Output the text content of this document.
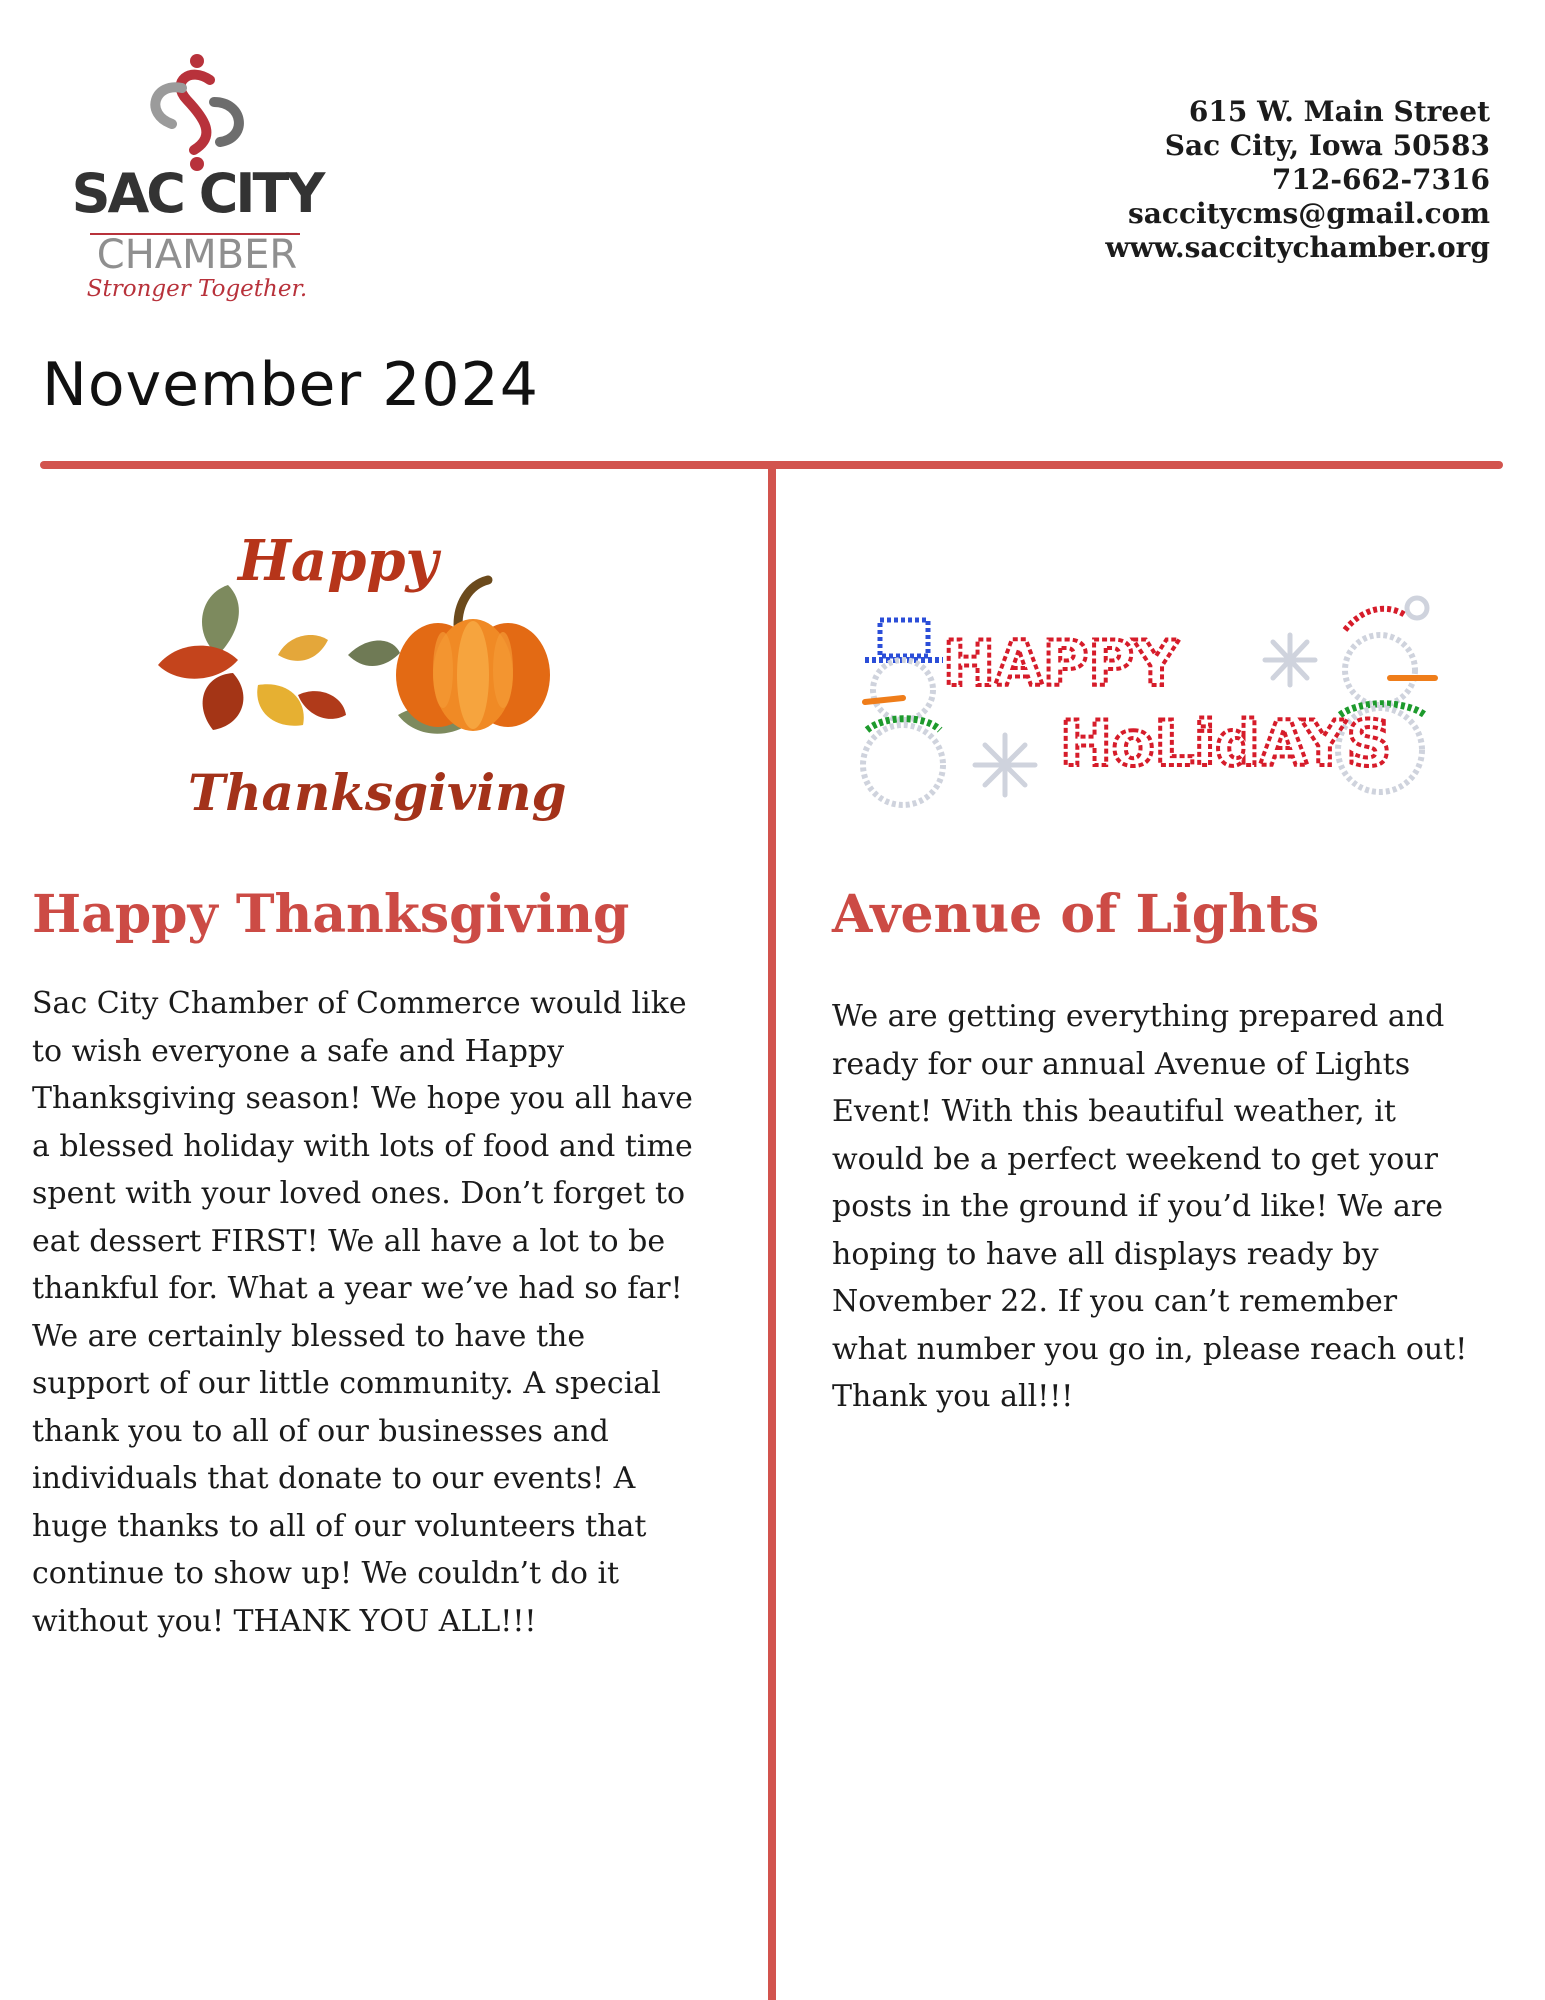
SAC CITY
CHAMBER
Stronger Together.
615 W. Main Street
Sac City, Iowa 50583
712-662-7316
saccitycms@gmail.com
www.saccitychamber.org
November 2024
Happy
Thanksgiving
HAPPY
HoLidAYS
Happy Thanksgiving
Sac City Chamber of Commerce would like
to wish everyone a safe and Happy
Thanksgiving season! We hope you all have
a blessed holiday with lots of food and time
spent with your loved ones. Don’t forget to
eat dessert FIRST! We all have a lot to be
thankful for. What a year we’ve had so far!
We are certainly blessed to have the
support of our little community. A special
thank you to all of our businesses and
individuals that donate to our events! A
huge thanks to all of our volunteers that
continue to show up! We couldn’t do it
without you! THANK YOU ALL!!!
Avenue of Lights
We are getting everything prepared and
ready for our annual Avenue of Lights
Event! With this beautiful weather, it
would be a perfect weekend to get your
posts in the ground if you’d like! We are
hoping to have all displays ready by
November 22. If you can’t remember
what number you go in, please reach out!
Thank you all!!!
